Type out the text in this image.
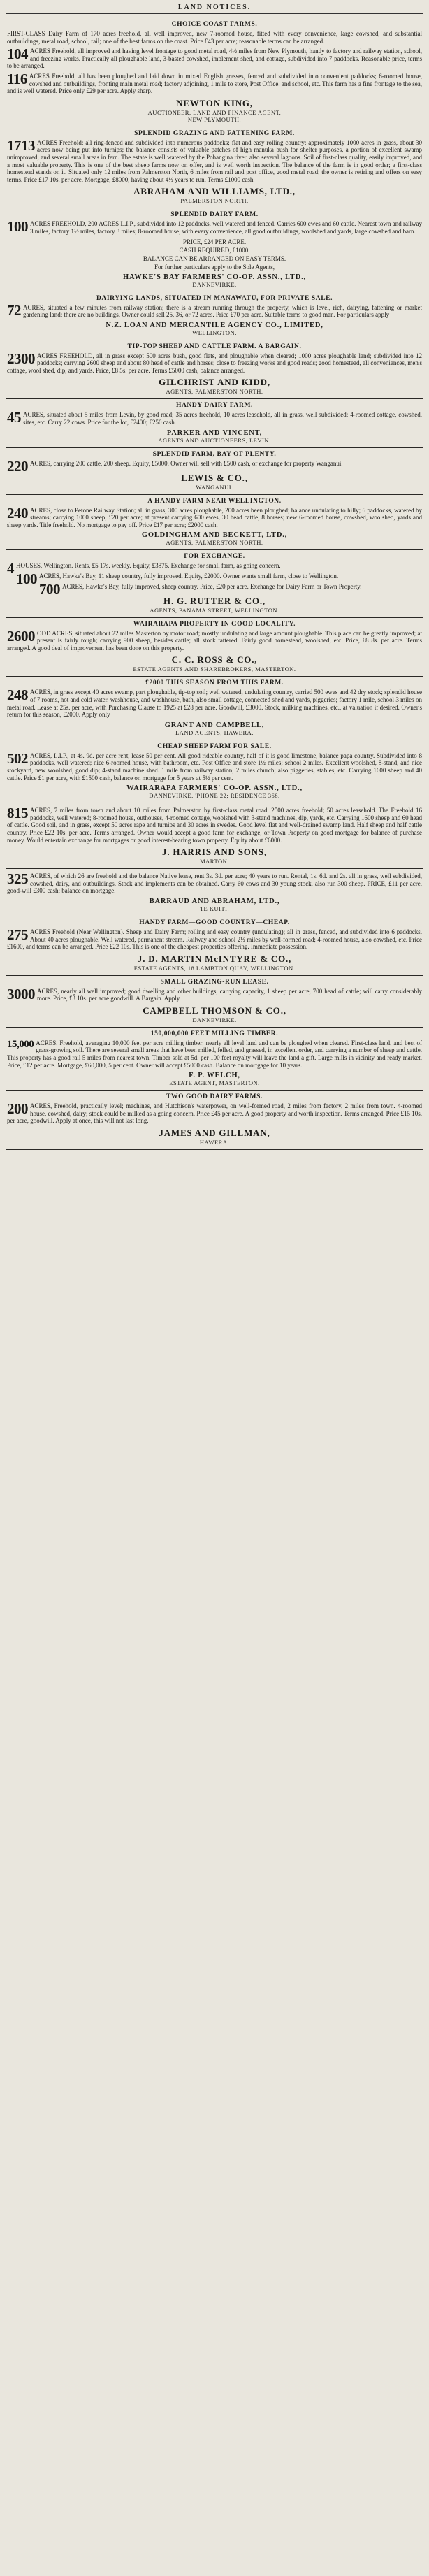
LAND NOTICES.
CHOICE COAST FARMS.

FIRST-CLASS Dairy Farm of 170 acres freehold, all well improved, new 7-roomed house, fitted with every convenience, large cowshed, and substantial outbuildings, metal road, school, rail; one of the best farms on the coast. Price £43 per acre; reasonable terms can be arranged.

104 ACRES Freehold, all improved and having level frontage to good metal road, 4½ miles from New Plymouth, handy to factory and railway station, school, and freezing works. Practically all ploughable land, 3-basted cowshed, implement shed, and cottage, subdivided into 7 paddocks. Reasonable price, terms to be arranged.

116 ACRES Freehold, all has been ploughed and laid down in mixed English grasses, fenced and subdivided into convenient paddocks; 6-roomed house, cowshed and outbuildings, fronting main metal road; factory adjoining, 1 mile to store, Post Office, and school, etc. This farm has a fine frontage to the sea, and is well watered. Price only £29 per acre. Apply sharp.

NEWTON KING,
AUCTIONEER, LAND AND FINANCE AGENT,
NEW PLYMOUTH.
SPLENDID GRAZING AND FATTENING FARM.

1713 ACRES Freehold; all ring-fenced and subdivided into numerous paddocks; flat and easy rolling country; approximately 1000 acres in grass, about 30 acres now being put into turnips; the balance consists of valuable patches of high manuka bush for shelter purposes, a portion of excellent swamp unimproved, and several small areas in fern. The estate is well watered by the Pohangina river, also several lagoons. Soil of first-class quality, easily improved, and a most valuable property. This is one of the best sheep farms now on offer, and is well worth inspection. The balance of the farm is in good order; a first-class homestead stands on it. Situated only 12 miles from Palmerston North, 6 miles from rail and post office, good metal road; the owner is retiring and offers on easy terms. Price £17 10s. per acre. Mortgage, £8000, having about 4½ years to run. Terms £1000 cash.

ABRAHAM AND WILLIAMS, LTD.,
PALMERSTON NORTH.
SPLENDID DAIRY FARM.

100 ACRES FREEHOLD, 200 ACRES L.I.P., subdivided into 12 paddocks, well watered and fenced. Carries 600 ewes and 60 cattle. Nearest town and railway 3 miles, factory 1½ miles, factory 3 miles; 8-roomed house, with every convenience, all good outbuildings, woolshed and yards, large cowshed and barn.

PRICE, £24 PER ACRE.
CASH REQUIRED, £1000.
BALANCE CAN BE ARRANGED ON EASY TERMS.
For further particulars apply to the Sole Agents,
HAWKE'S BAY FARMERS' CO-OP. ASSN., LTD.,
DANNEVIRKE.
DAIRYING LANDS, SITUATED IN MANAWATU, FOR PRIVATE SALE.

72 ACRES, situated a few minutes from railway station; there is a stream running through the property, which is level, rich, dairying, fattening or market gardening land; there are no buildings. Owner could sell 25, 36, or 72 acres. Price £70 per acre. Suitable terms to good man. For particulars apply

N.Z. LOAN AND MERCANTILE AGENCY CO., LIMITED,
WELLINGTON.
TIP-TOP SHEEP AND CATTLE FARM. A BARGAIN.

2300 ACRES FREEHOLD, all in grass except 500 acres bush, good flats, and ploughable when cleared; 1000 acres ploughable land; subdivided into 12 paddocks; carrying 2600 sheep and about 80 head of cattle and horses; close to freezing works and good roads; good homestead, all conveniences, men's cottage, wool shed, dip, and yards. Price, £8 5s. per acre. Terms £5000 cash, balance arranged.

GILCHRIST AND KIDD,
AGENTS, PALMERSTON NORTH.
HANDY DAIRY FARM.

45 ACRES, situated about 5 miles from Levin, by good road; 35 acres freehold, 10 acres leasehold, all in grass, well subdivided; 4-roomed cottage, cowshed, sites, etc. Carry 22 cows. Price for the lot, £2400; £250 cash.

PARKER AND VINCENT,
AGENTS AND AUCTIONEERS, LEVIN.
SPLENDID FARM, BAY OF PLENTY.

220 ACRES, carrying 200 cattle, 200 sheep. Equity, £5000. Owner will sell with £500 cash, or exchange for property Wanganui.

LEWIS & CO.,
WANGANUI.
A HANDY FARM NEAR WELLINGTON.

240 ACRES, close to Petone Railway Station; all in grass, 300 acres ploughable, 200 acres been ploughed; balance undulating to hilly; 6 paddocks, watered by streams; carrying 1000 sheep; £20 per acre; at present carrying 600 ewes, 30 head cattle, 8 horses; new 6-roomed house, cowshed, woolshed, yards and sheep yards. Title freehold. No mortgage to pay off. Price £17 per acre; £2000 cash.

GOLDINGHAM AND BECKETT, LTD.,
AGENTS, PALMERSTON NORTH.
FOR EXCHANGE.

4 HOUSES, Wellington. Rents, £5 17s. weekly. Equity, £3875. Exchange for small farm, as going concern.

100 ACRES, Hawke's Bay, 11 sheep country, fully improved. Equity, £2000. Owner wants small farm, close to Wellington.

700 ACRES, Hawke's Bay, fully improved, sheep country. Price, £20 per acre. Exchange for Dairy Farm or Town Property.

H. G. RUTTER & CO.,
AGENTS, PANAMA STREET, WELLINGTON.
WAIRARAPA PROPERTY IN GOOD LOCALITY.

2600 ODD ACRES, situated about 22 miles Masterton by motor road; mostly undulating and large amount ploughable. This place can be greatly improved; at present is fairly rough; carrying 900 sheep, besides cattle; all stock tattered. Fairly good homestead, woolshed, etc. Price, £8 8s. per acre. Terms arranged. A good deal of improvement has been done on this property.

C. C. ROSS & CO.,
ESTATE AGENTS AND SHAREBROKERS, MASTERTON.
£2000 THIS SEASON FROM THIS FARM.

248 ACRES, in grass except 40 acres swamp, part ploughable, tip-top soil; well watered, undulating country, carried 500 ewes and 42 dry stock; splendid house of 7 rooms, hot and cold water, washhouse, and washhouse, bath, also small cottage, connected shed and yards, piggeries; factory 1 mile, school 3 miles on metal road. Lease at 25s. per acre, with Purchasing Clause to 1925 at £28 per acre. Goodwill, £3000. Stock, milking machines, etc., at valuation if desired. Owner's return for this season, £2000. Apply only

GRANT AND CAMPBELL,
LAND AGENTS, HAWERA.
CHEAP SHEEP FARM FOR SALE.

502 ACRES, L.I.P., at 4s. 9d. per acre rent, lease 50 per cent. All good rideable country, half of it is good limestone, balance papa country. Subdivided into 8 paddocks, well watered; nice 6-roomed house, with bathroom, etc. Post Office and store 1½ miles; school 2 miles. Excellent woolshed, 8-stand, and nice stockyard, new woolshed, good dip; 4-stand machine shed. 1 mile from railway station; 2 miles church; also piggeries, stables, etc. Carrying 1600 sheep and 40 cattle. Price £1 per acre, with £1500 cash, balance on mortgage for 5 years at 5½ per cent.

WAIRARAPA FARMERS' CO-OP. ASSN., LTD.,
DANNEVIRKE. 'PHONE 22; RESIDENCE 368.

815 ACRES, 7 miles from town and about 10 miles from Palmerston by first-class metal road. 2500 acres freehold; 50 acres leasehold. The Freehold 16 paddocks, well watered; 8-roomed house, outhouses, 4-roomed cottage, woolshed with 3-stand machines, dip, yards, etc. Carrying 1600 sheep and 60 head of cattle. Good soil, and in grass, except 50 acres rape and turnips and 30 acres in swedes. Good level flat and well-drained swamp land. Half sheep and half cattle country. Price £22 10s. per acre. Terms arranged. Owner would accept a good farm for exchange, or Town Property on good mortgage for balance of purchase money. Would entertain exchange for mortgages or good interest-bearing town property. Equity about £6000.

J. HARRIS AND SONS,
MARTON.

325 ACRES, of which 26 are freehold and the balance Native lease, rent 3s. 3d. per acre; 40 years to run. Rental, 1s. 6d. and 2s. all in grass, well subdivided, cowshed, dairy, and outbuildings. Stock and implements can be obtained. Carry 60 cows and 30 young stock, also run 300 sheep. PRICE, £11 per acre, good-will £300 cash; balance on mortgage.

BARRAUD AND ABRAHAM, LTD.,
TE KUITI.
HANDY FARM—GOOD COUNTRY—CHEAP.

275 ACRES Freehold (Near Wellington). Sheep and Dairy Farm; rolling and easy country (undulating); all in grass, fenced, and subdivided into 6 paddocks. About 40 acres ploughable. Well watered, permanent stream. Railway and school 2½ miles by well-formed road; 4-roomed house, also cowshed, etc. Price £1600, and terms can be arranged. Price £22 10s. This is one of the cheapest properties offering. Immediate possession.

J. D. MARTIN McINTYRE & CO.,
ESTATE AGENTS, 18 LAMBTON QUAY, WELLINGTON.
SMALL GRAZING-RUN LEASE.

3000 ACRES, nearly all well improved; good dwelling and other buildings, carrying capacity, 1 sheep per acre, 700 head of cattle; will carry considerably more. Price, £3 10s. per acre goodwill. A Bargain. Apply

CAMPBELL THOMSON & CO.,
DANNEVIRKE.
150,000,000 FEET MILLING TIMBER.

15,000 ACRES, Freehold, averaging 10,000 feet per acre milling timber; nearly all level land and can be ploughed when cleared. First-class land, and best of grass-growing soil. There are several small areas that have been milled, felled, and grassed, in excellent order, and carrying a number of sheep and cattle. This property has a good rail 5 miles from nearest town. Timber sold at 5d. per 100 feet royalty will leave the land a gift. Large mills in vicinity and ready market. Price, £12 per acre. Mortgage, £60,000, 5 per cent. Owner will accept £5000 cash. Balance on mortgage for 10 years.

F. P. WELCH,
ESTATE AGENT, MASTERTON.
TWO GOOD DAIRY FARMS.

200 ACRES, Freehold, practically level; machines, and Hutchison's waterpower, on well-formed road, 2 miles from factory, 2 miles from town. 4-roomed house, cowshed, dairy; stock could be milked as a going concern. Price £45 per acre. A good property and worth inspection. Terms arranged. Price £15 10s. per acre, goodwill. Apply at once, this will not last long.

JAMES AND GILLMAN,
HAWERA.
